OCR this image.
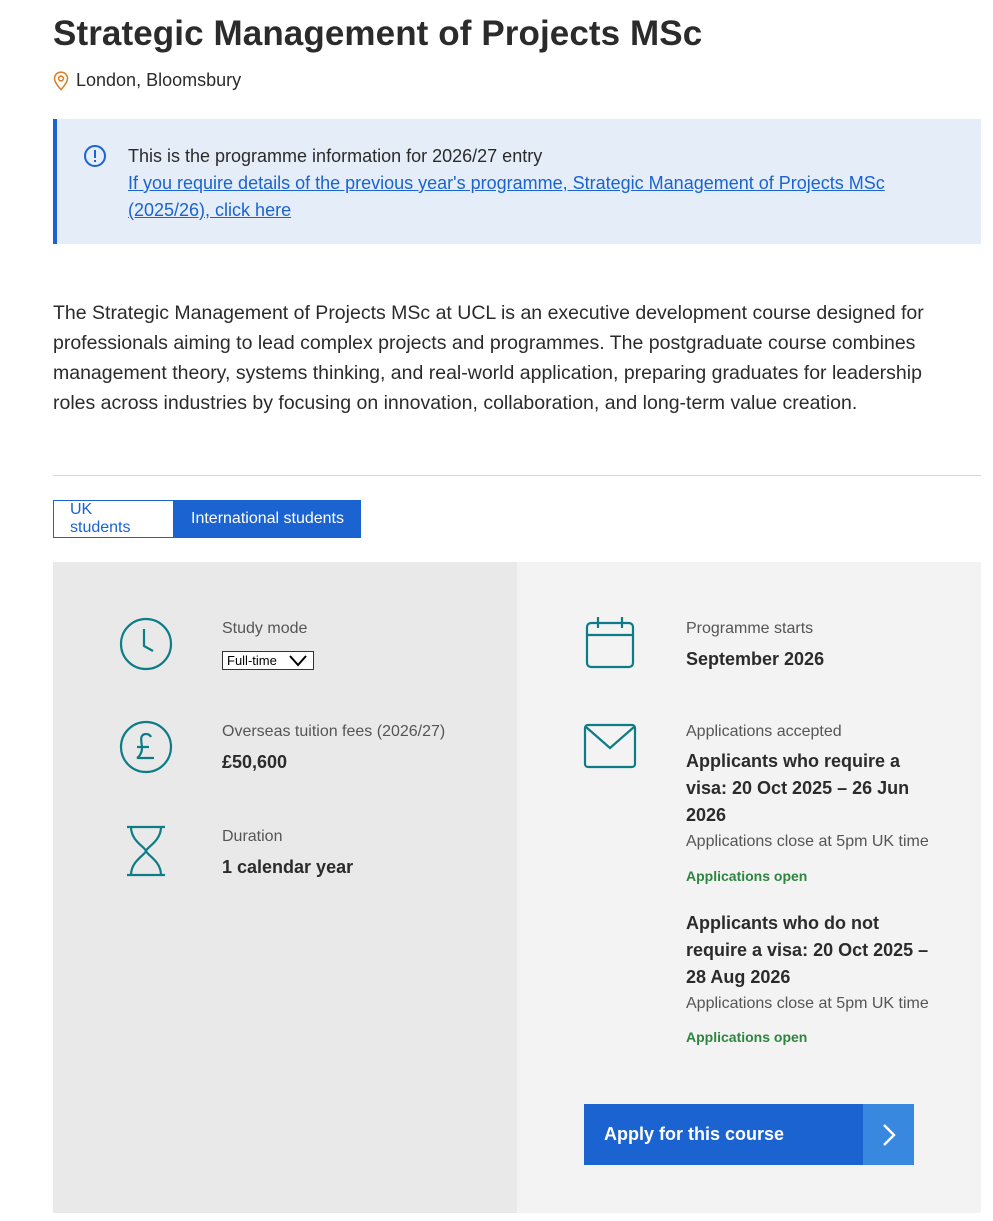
Strategic Management of Projects MSc
London, Bloomsbury
This is the programme information for 2026/27 entry
If you require details of the previous year's programme, Strategic Management of Projects MSc (2025/26), click here

The Strategic Management of Projects MSc at UCL is an executive development course designed for professionals aiming to lead complex projects and programmes. The postgraduate course combines management theory, systems thinking, and real-world application, preparing graduates for leadership roles across industries by focusing on innovation, collaboration, and long-term value creation.

UK students
International students
Study mode
Full-time
Overseas tuition fees (2026/27)
£50,600
Duration
1 calendar year
Programme starts
September 2026
Applications accepted
Applicants who require a
visa: 20 Oct 2025 – 26 Jun
2026
Applications close at 5pm UK time
Applications open
Applicants who do not
require a visa: 20 Oct 2025 –
28 Aug 2026
Applications close at 5pm UK time
Applications open
Apply for this course
